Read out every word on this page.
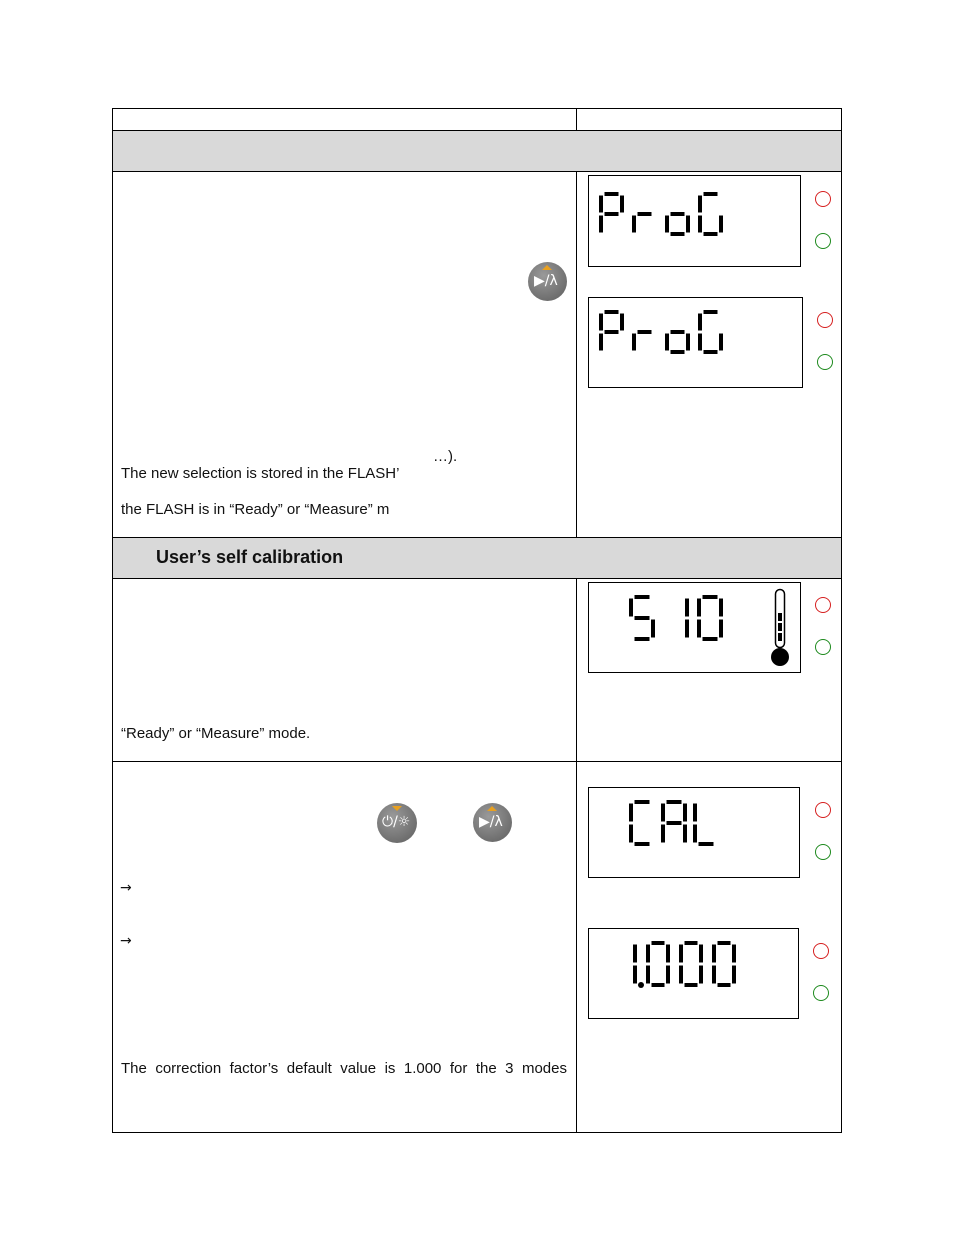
User’s self calibration
…).
The new selection is stored in the FLASH’
the FLASH is in “Ready” or “Measure” m
“Ready” or “Measure” mode.
→
→
The correction factor’s default value is 1.000 for the 3 modes
▶/λ
⏻/☼	▶/λ
